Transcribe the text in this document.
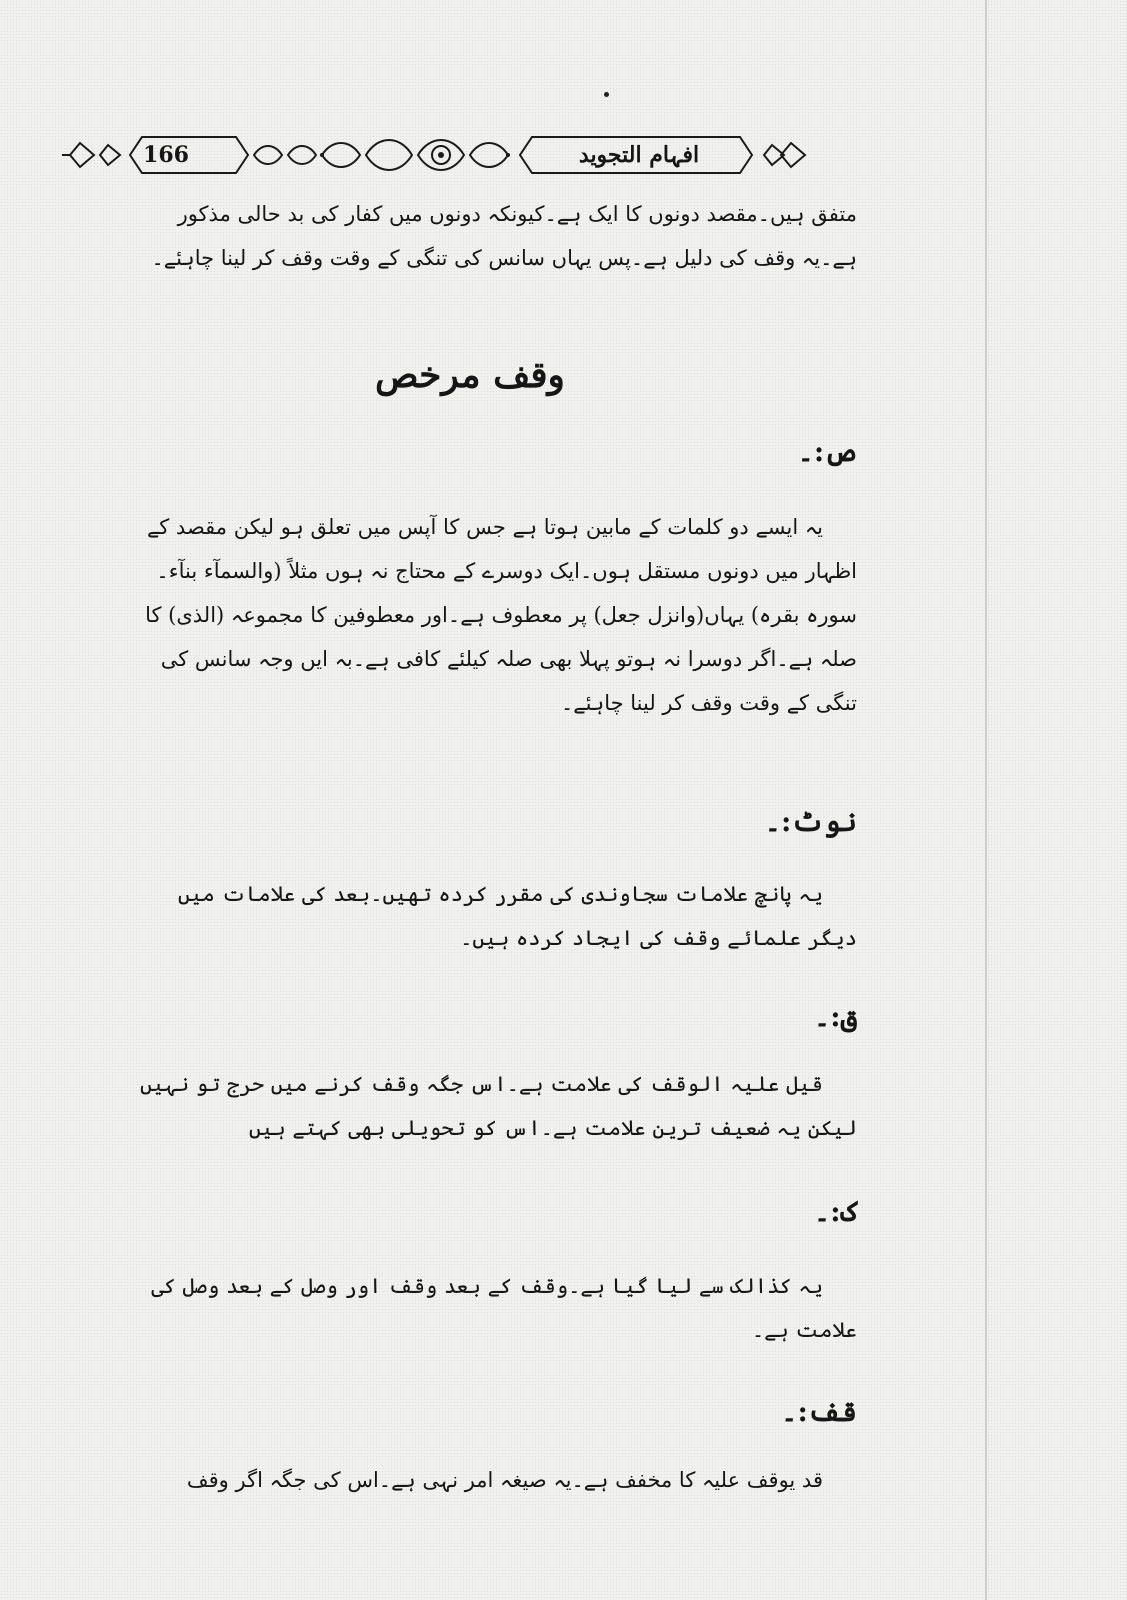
افہام التجوید
166

متفق ہیں۔مقصد دونوں کا ایک ہے۔کیونکہ دونوں میں کفار کی بد حالی مذکور ہے۔یہ وقف کی دلیل ہے۔پس یہاں سانس کی تنگی کے وقت وقف کر لینا چاہئے۔

وقف مرخص

ص:۔

یہ ایسے دو کلمات کے مابین ہوتا ہے جس کا آپس میں تعلق ہو لیکن مقصد کے اظہار میں دونوں مستقل ہوں۔ایک دوسرے کے محتاج نہ ہوں مثلاً (والسمآء بنآء۔سورہ بقرہ) یہاں(وانزل جعل) پر معطوف ہے۔اور معطوفین کا مجموعہ (الذی) کا صلہ ہے۔اگر دوسرا نہ ہوتو پہلا بھی صلہ کیلئے کافی ہے۔بہ ایں وجہ سانس کی تنگی کے وقت وقف کر لینا چاہئے۔

نوٹ:۔

یہ پانچ علامات سجاوندی کی مقرر کردہ تھیں۔بعد کی علامات میں دیگر علمائے وقف کی ایجاد کردہ ہیں۔

ق:۔

قیل علیہ الوقف کی علامت ہے۔اس جگہ وقف کرنے میں حرج تو نہیں لیکن یہ ضعیف ترین علامت ہے۔اس کو تحویلی بھی کہتے ہیں

ک:۔

یہ کذالک سے لیا گیا ہے۔وقف کے بعد وقف اور وصل کے بعد وصل کی علامت ہے۔

قف:۔

قد یوقف علیہ کا مخفف ہے۔یہ صیغہ امر نہی ہے۔اس کی جگہ اگر وقف
